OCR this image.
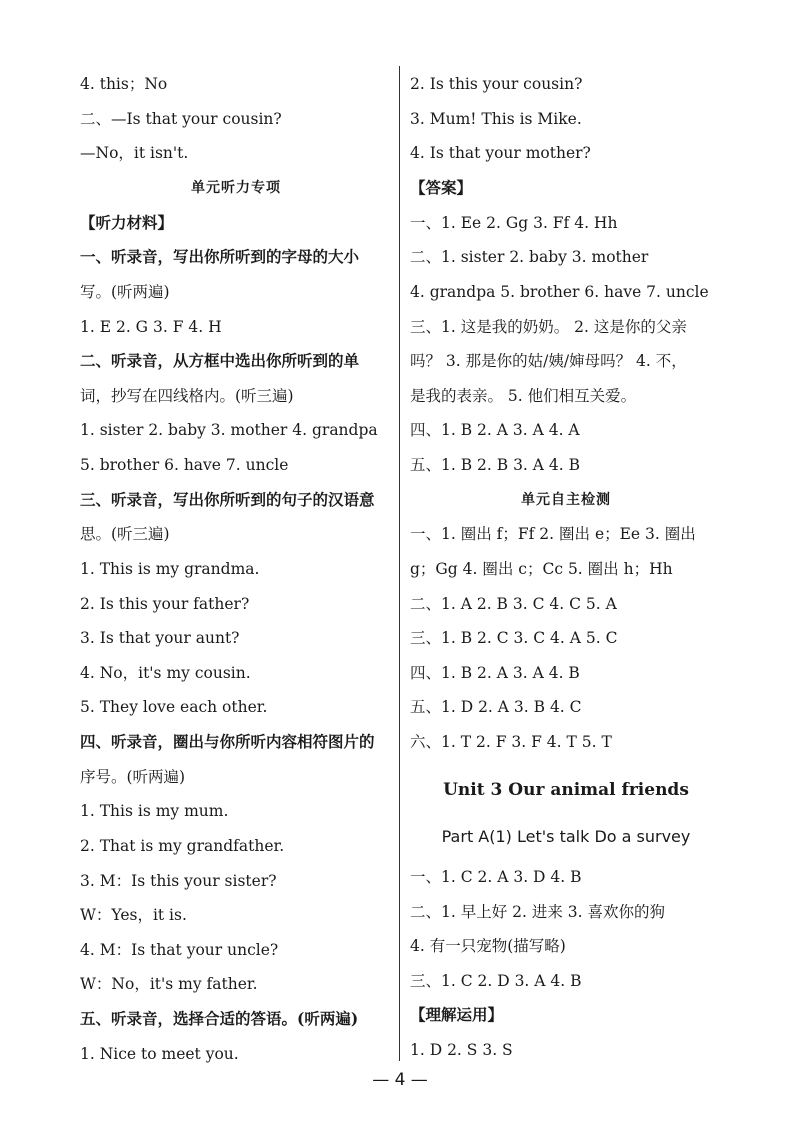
4. this；No
二、—Is that your cousin?
—No，it isn't.
单元听力专项
【听力材料】
一、听录音，写出你所听到的字母的大小
写。(听两遍)
1. E 2. G 3. F 4. H
二、听录音，从方框中选出你所听到的单
词，抄写在四线格内。(听三遍)
1. sister 2. baby 3. mother 4. grandpa
5. brother 6. have 7. uncle
三、听录音，写出你所听到的句子的汉语意
思。(听三遍)
1. This is my grandma.
2. Is this your father?
3. Is that your aunt?
4. No，it's my cousin.
5. They love each other.
四、听录音，圈出与你所听内容相符图片的
序号。(听两遍)
1. This is my mum.
2. That is my grandfather.
3. M：Is this your sister?
W：Yes，it is.
4. M：Is that your uncle?
W：No，it's my father.
五、听录音，选择合适的答语。(听两遍)
1. Nice to meet you.
2. Is this your cousin?
3. Mum! This is Mike.
4. Is that your mother?
【答案】
一、1. Ee 2. Gg 3. Ff 4. Hh
二、1. sister 2. baby 3. mother
4. grandpa 5. brother 6. have 7. uncle
三、1. 这是我的奶奶。 2. 这是你的父亲
吗？ 3. 那是你的姑/姨/婶母吗？ 4. 不，
是我的表亲。 5. 他们相互关爱。
四、1. B 2. A 3. A 4. A
五、1. B 2. B 3. A 4. B
单元自主检测
一、1. 圈出 f；Ff 2. 圈出 e；Ee 3. 圈出
g；Gg 4. 圈出 c；Cc 5. 圈出 h；Hh
二、1. A 2. B 3. C 4. C 5. A
三、1. B 2. C 3. C 4. A 5. C
四、1. B 2. A 3. A 4. B
五、1. D 2. A 3. B 4. C
六、1. T 2. F 3. F 4. T 5. T
Unit 3 Our animal friends
Part A(1) Let's talk Do a survey
一、1. C 2. A 3. D 4. B
二、1. 早上好 2. 进来 3. 喜欢你的狗
4. 有一只宠物(描写略)
三、1. C 2. D 3. A 4. B
【理解运用】
1. D 2. S 3. S
— 4 —
